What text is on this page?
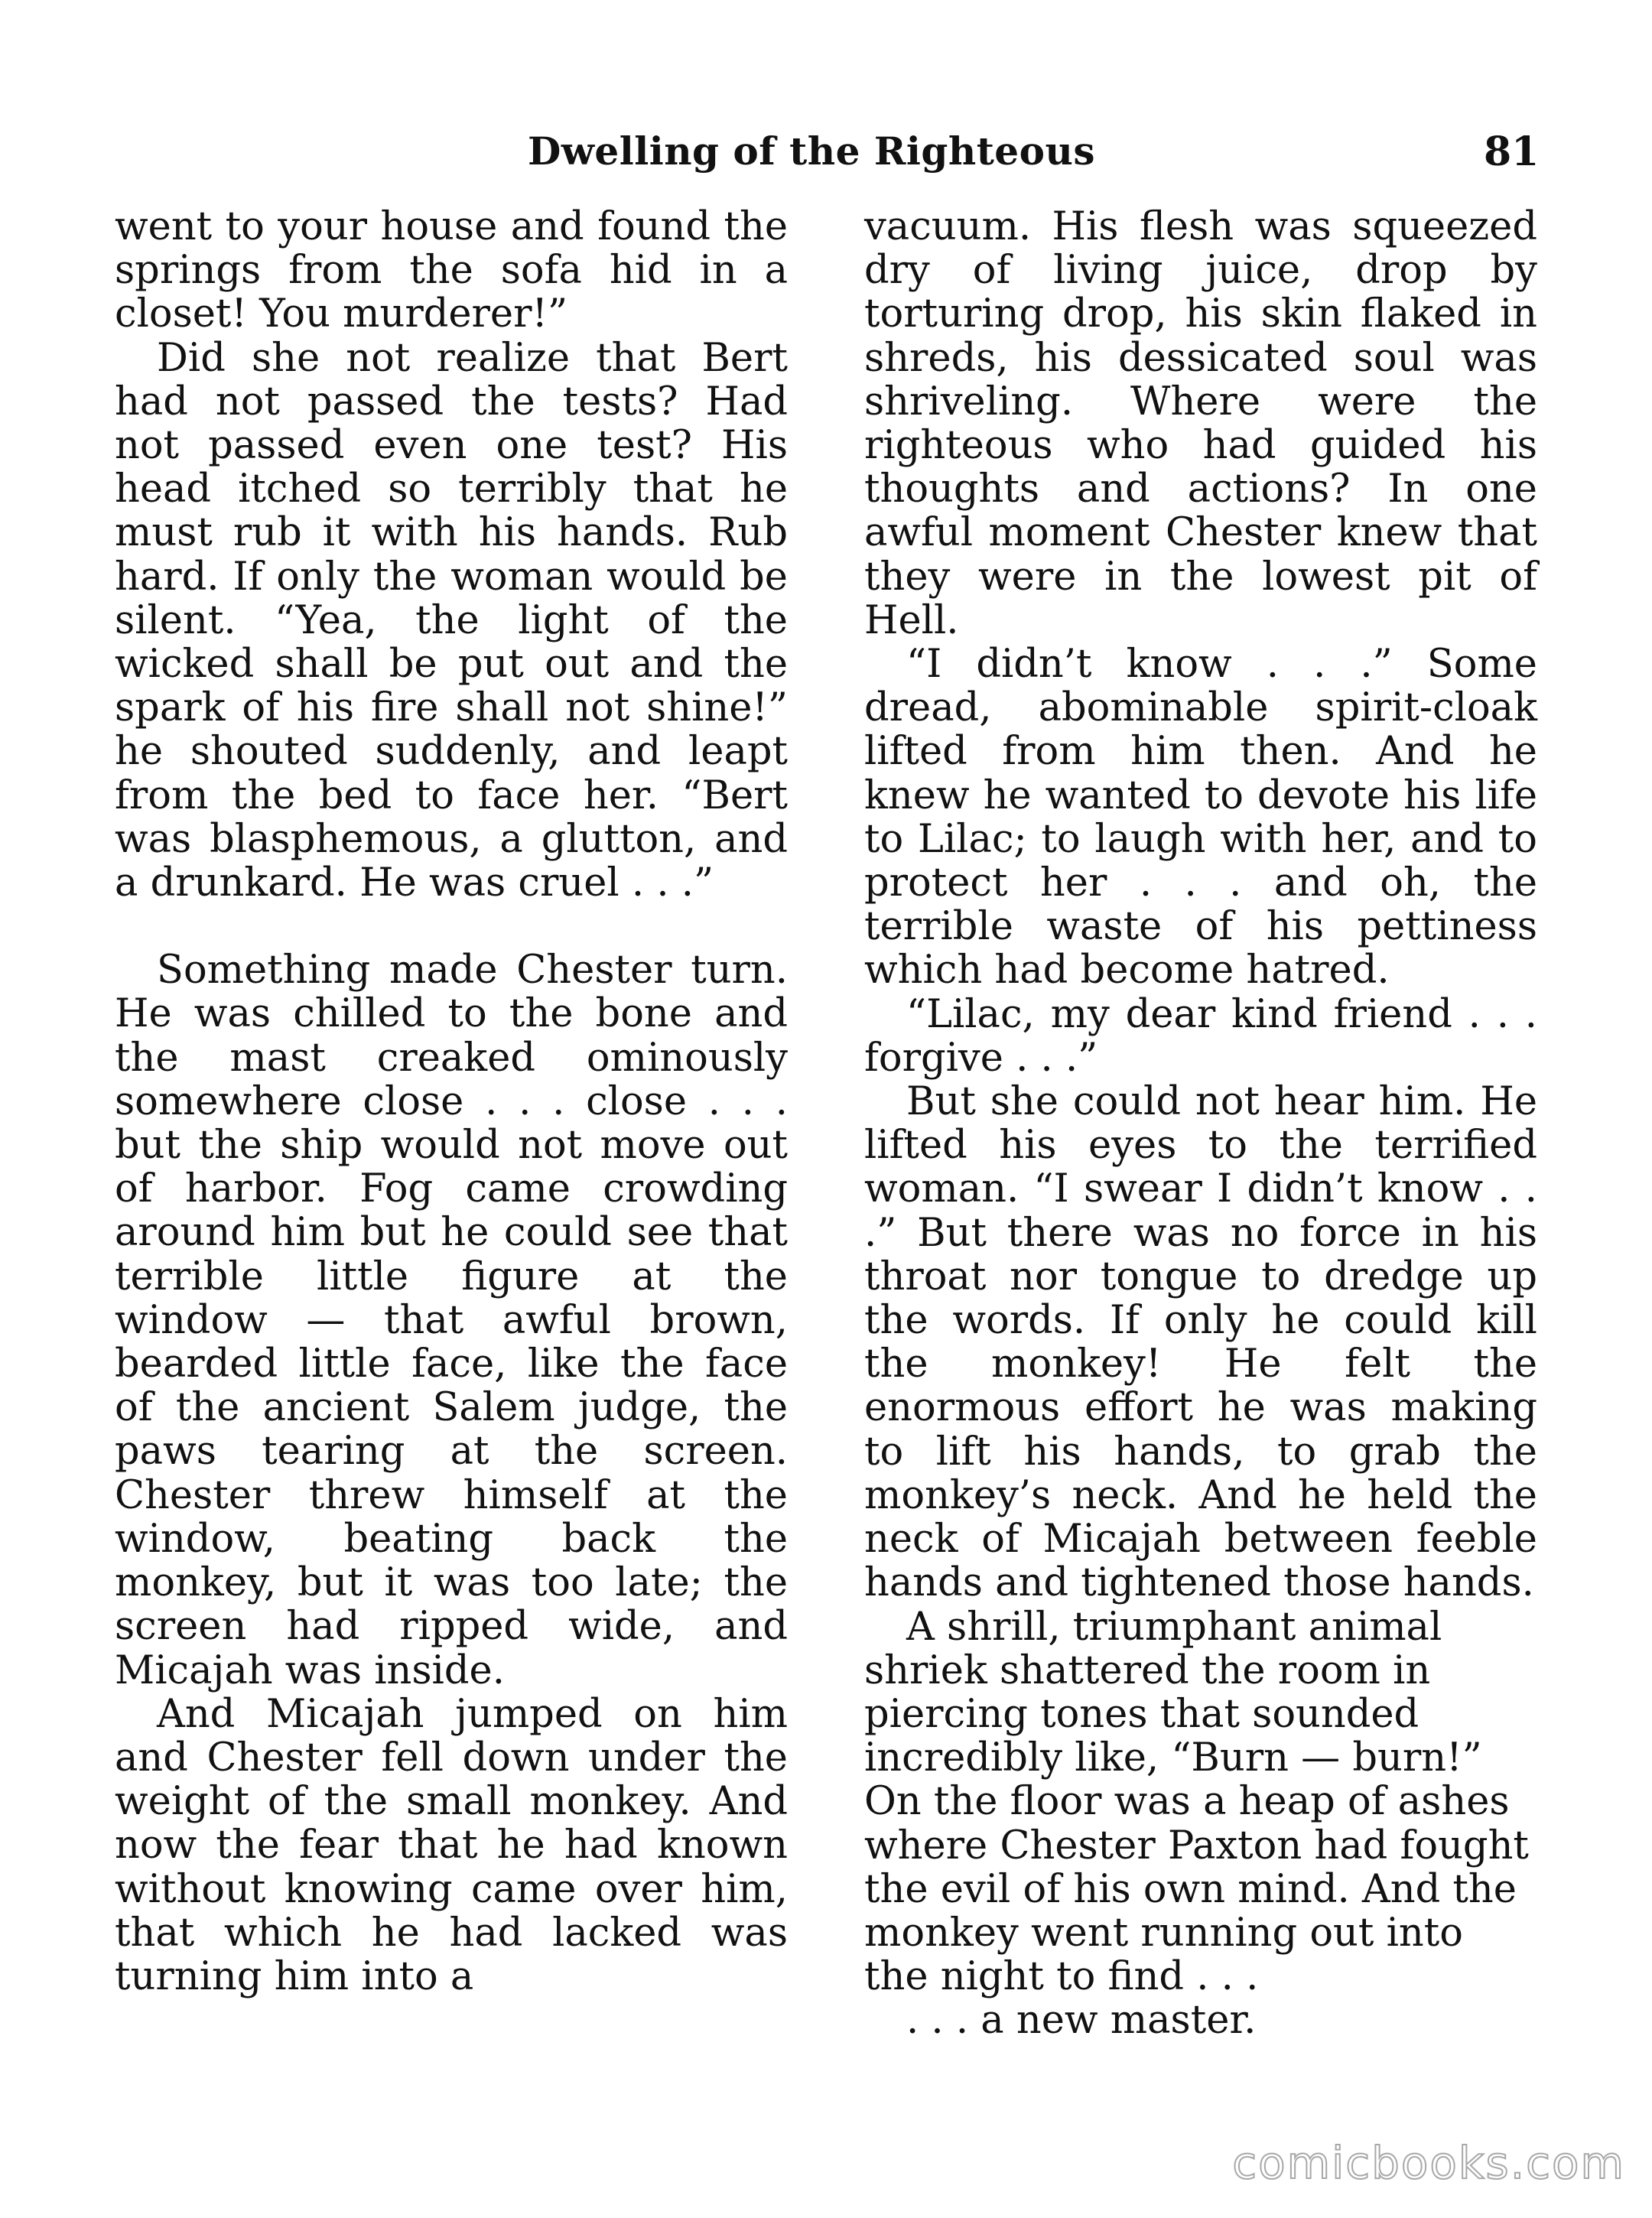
Dwelling of the Righteous	81

went to your house and found the springs from the sofa hid in a closet! You murderer!”

Did she not realize that Bert had not passed the tests? Had not passed even one test? His head itched so terribly that he must rub it with his hands. Rub hard. If only the woman would be silent. “Yea, the light of the wicked shall be put out and the spark of his fire shall not shine!” he shouted suddenly, and leapt from the bed to face her. “Bert was blasphemous, a glutton, and a drunkard. He was cruel . . .”

Something made Chester turn. He was chilled to the bone and the mast creaked ominously somewhere close . . . close . . . but the ship would not move out of harbor. Fog came crowding around him but he could see that terrible little figure at the window — that awful brown, bearded little face, like the face of the ancient Salem judge, the paws tearing at the screen. Chester threw himself at the window, beating back the monkey, but it was too late; the screen had ripped wide, and Micajah was inside.

And Micajah jumped on him and Chester fell down under the weight of the small monkey. And now the fear that he had known without knowing came over him, that which he had lacked was turning him into a

vacuum. His flesh was squeezed dry of living juice, drop by torturing drop, his skin flaked in shreds, his dessicated soul was shriveling. Where were the righteous who had guided his thoughts and actions? In one awful moment Chester knew that they were in the lowest pit of Hell.

“I didn’t know . . .” Some dread, abominable spirit-cloak lifted from him then. And he knew he wanted to devote his life to Lilac; to laugh with her, and to protect her . . . and oh, the terrible waste of his pettiness which had become hatred.

“Lilac, my dear kind friend . . . forgive . . .”

But she could not hear him. He lifted his eyes to the terrified woman. “I swear I didn’t know . . .” But there was no force in his throat nor tongue to dredge up the words. If only he could kill the monkey! He felt the enormous effort he was making to lift his hands, to grab the monkey’s neck. And he held the neck of Micajah between feeble hands and tightened those hands.

A shrill, triumphant animal shriek shattered the room in piercing tones that sounded incredibly like, “Burn — burn!” On the floor was a heap of ashes where Chester Paxton had fought the evil of his own mind. And the monkey went running out into the night to find . . .

. . . a new master.

comicbooks.com
